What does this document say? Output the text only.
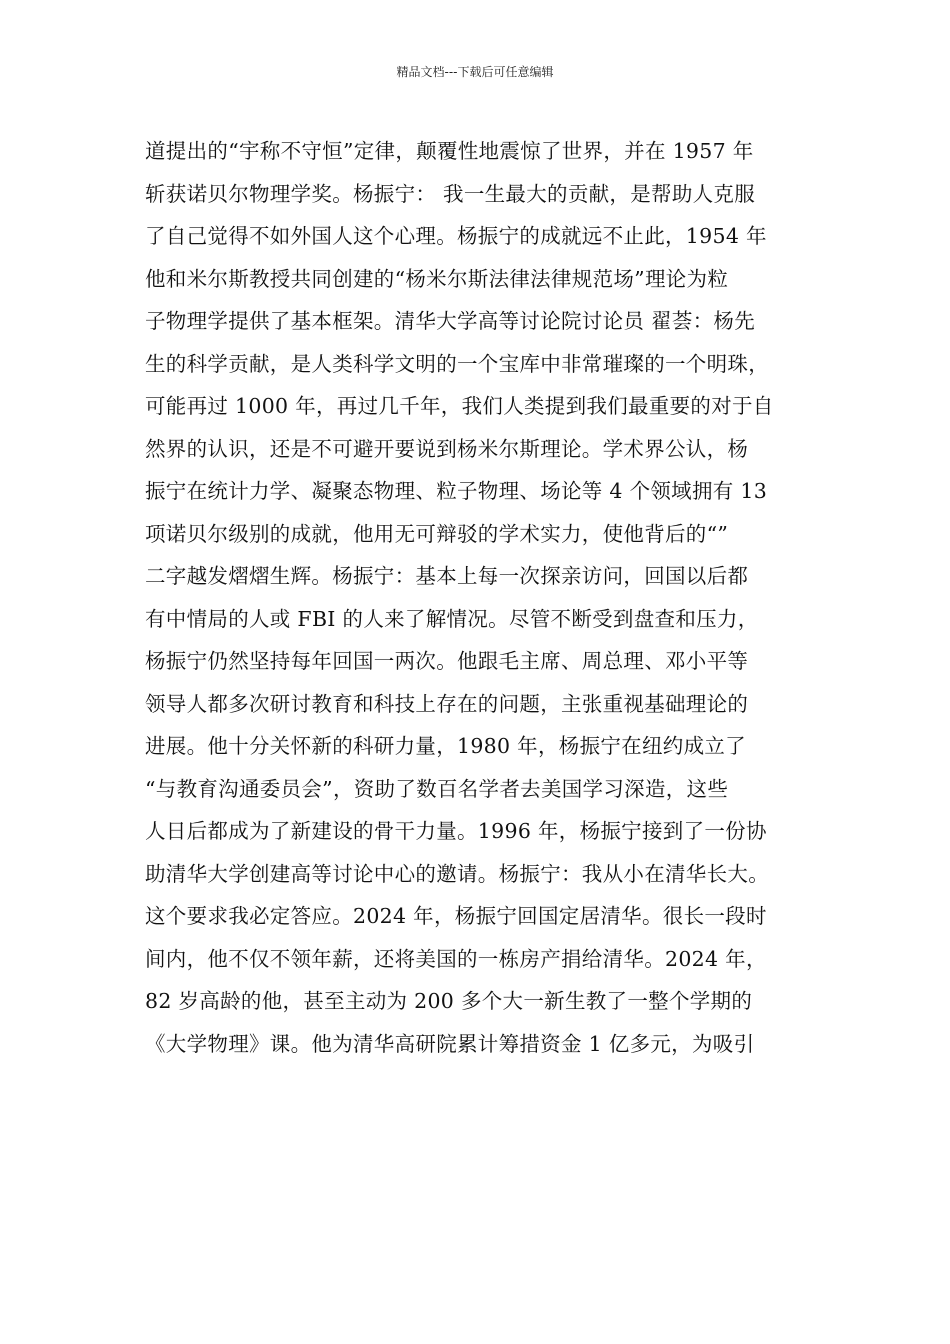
精品文档---下载后可任意编辑
道提出的“宇称不守恒”定律，颠覆性地震惊了世界，并在 1957 年
斩获诺贝尔物理学奖。杨振宁： 我一生最大的贡献，是帮助人克服
了自己觉得不如外国人这个心理。杨振宁的成就远不止此，1954 年
他和米尔斯教授共同创建的“杨米尔斯法律法律规范场”理论为粒
子物理学提供了基本框架。清华大学高等讨论院讨论员 翟荟：杨先
生的科学贡献，是人类科学文明的一个宝库中非常璀璨的一个明珠，
可能再过 1000 年，再过几千年，我们人类提到我们最重要的对于自
然界的认识，还是不可避开要说到杨米尔斯理论。学术界公认，杨
振宁在统计力学、凝聚态物理、粒子物理、场论等 4 个领域拥有 13
项诺贝尔级别的成就，他用无可辩驳的学术实力，使他背后的“”
二字越发熠熠生辉。杨振宁：基本上每一次探亲访问，回国以后都
有中情局的人或 FBI 的人来了解情况。尽管不断受到盘查和压力，
杨振宁仍然坚持每年回国一两次。他跟毛主席、周总理、邓小平等
领导人都多次研讨教育和科技上存在的问题，主张重视基础理论的
进展。他十分关怀新的科研力量，1980 年，杨振宁在纽约成立了
“与教育沟通委员会”，资助了数百名学者去美国学习深造，这些
人日后都成为了新建设的骨干力量。1996 年，杨振宁接到了一份协
助清华大学创建高等讨论中心的邀请。杨振宁：我从小在清华长大。
这个要求我必定答应。2024 年，杨振宁回国定居清华。很长一段时
间内，他不仅不领年薪，还将美国的一栋房产捐给清华。2024 年，
82 岁高龄的他，甚至主动为 200 多个大一新生教了一整个学期的
《大学物理》课。他为清华高研院累计筹措资金 1 亿多元，为吸引
